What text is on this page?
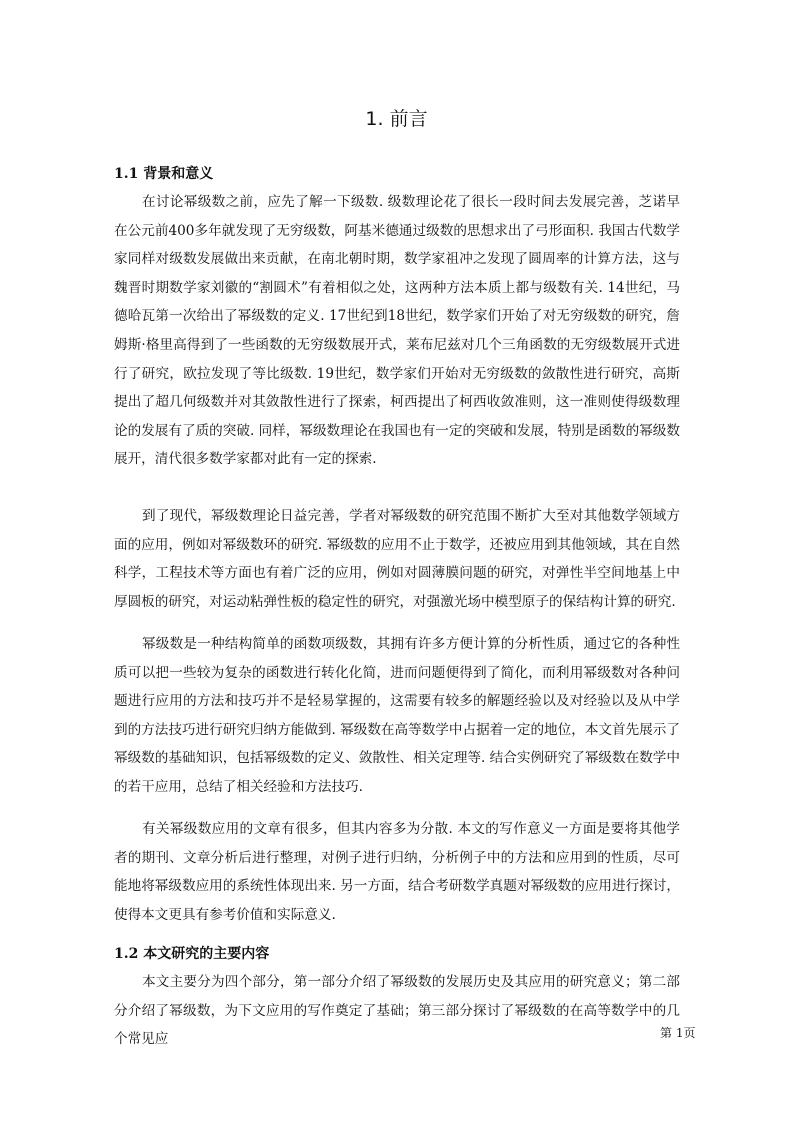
1. 前言
1.1 背景和意义

在讨论幂级数之前，应先了解一下级数. 级数理论花了很长一段时间去发展完善，芝诺早在公元前400多年就发现了无穷级数，阿基米德通过级数的思想求出了弓形面积. 我国古代数学家同样对级数发展做出来贡献，在南北朝时期，数学家祖冲之发现了圆周率的计算方法，这与魏晋时期数学家刘徽的“割圆术”有着相似之处，这两种方法本质上都与级数有关. 14世纪，马德哈瓦第一次给出了幂级数的定义. 17世纪到18世纪，数学家们开始了对无穷级数的研究，詹姆斯·格里高得到了一些函数的无穷级数展开式，莱布尼兹对几个三角函数的无穷级数展开式进行了研究，欧拉发现了等比级数. 19世纪，数学家们开始对无穷级数的敛散性进行研究，高斯提出了超几何级数并对其敛散性进行了探索，柯西提出了柯西收敛准则，这一准则使得级数理论的发展有了质的突破. 同样，幂级数理论在我国也有一定的突破和发展，特别是函数的幂级数展开，清代很多数学家都对此有一定的探索.

到了现代，幂级数理论日益完善，学者对幂级数的研究范围不断扩大至对其他数学领域方面的应用，例如对幂级数环的研究. 幂级数的应用不止于数学，还被应用到其他领域，其在自然科学，工程技术等方面也有着广泛的应用，例如对圆薄膜问题的研究，对弹性半空间地基上中厚圆板的研究，对运动粘弹性板的稳定性的研究，对强激光场中模型原子的保结构计算的研究.

幂级数是一种结构简单的函数项级数，其拥有许多方便计算的分析性质，通过它的各种性质可以把一些较为复杂的函数进行转化化简，进而问题便得到了简化，而利用幂级数对各种问题进行应用的方法和技巧并不是轻易掌握的，这需要有较多的解题经验以及对经验以及从中学到的方法技巧进行研究归纳方能做到. 幂级数在高等数学中占据着一定的地位，本文首先展示了幂级数的基础知识，包括幂级数的定义、敛散性、相关定理等. 结合实例研究了幂级数在数学中的若干应用，总结了相关经验和方法技巧.

有关幂级数应用的文章有很多，但其内容多为分散. 本文的写作意义一方面是要将其他学者的期刊、文章分析后进行整理，对例子进行归纳，分析例子中的方法和应用到的性质，尽可能地将幂级数应用的系统性体现出来. 另一方面，结合考研数学真题对幂级数的应用进行探讨，使得本文更具有参考价值和实际意义.

1.2 本文研究的主要内容

本文主要分为四个部分，第一部分介绍了幂级数的发展历史及其应用的研究意义；第二部分介绍了幂级数，为下文应用的写作奠定了基础；第三部分探讨了幂级数的在高等数学中的几个常见应	第 1页
